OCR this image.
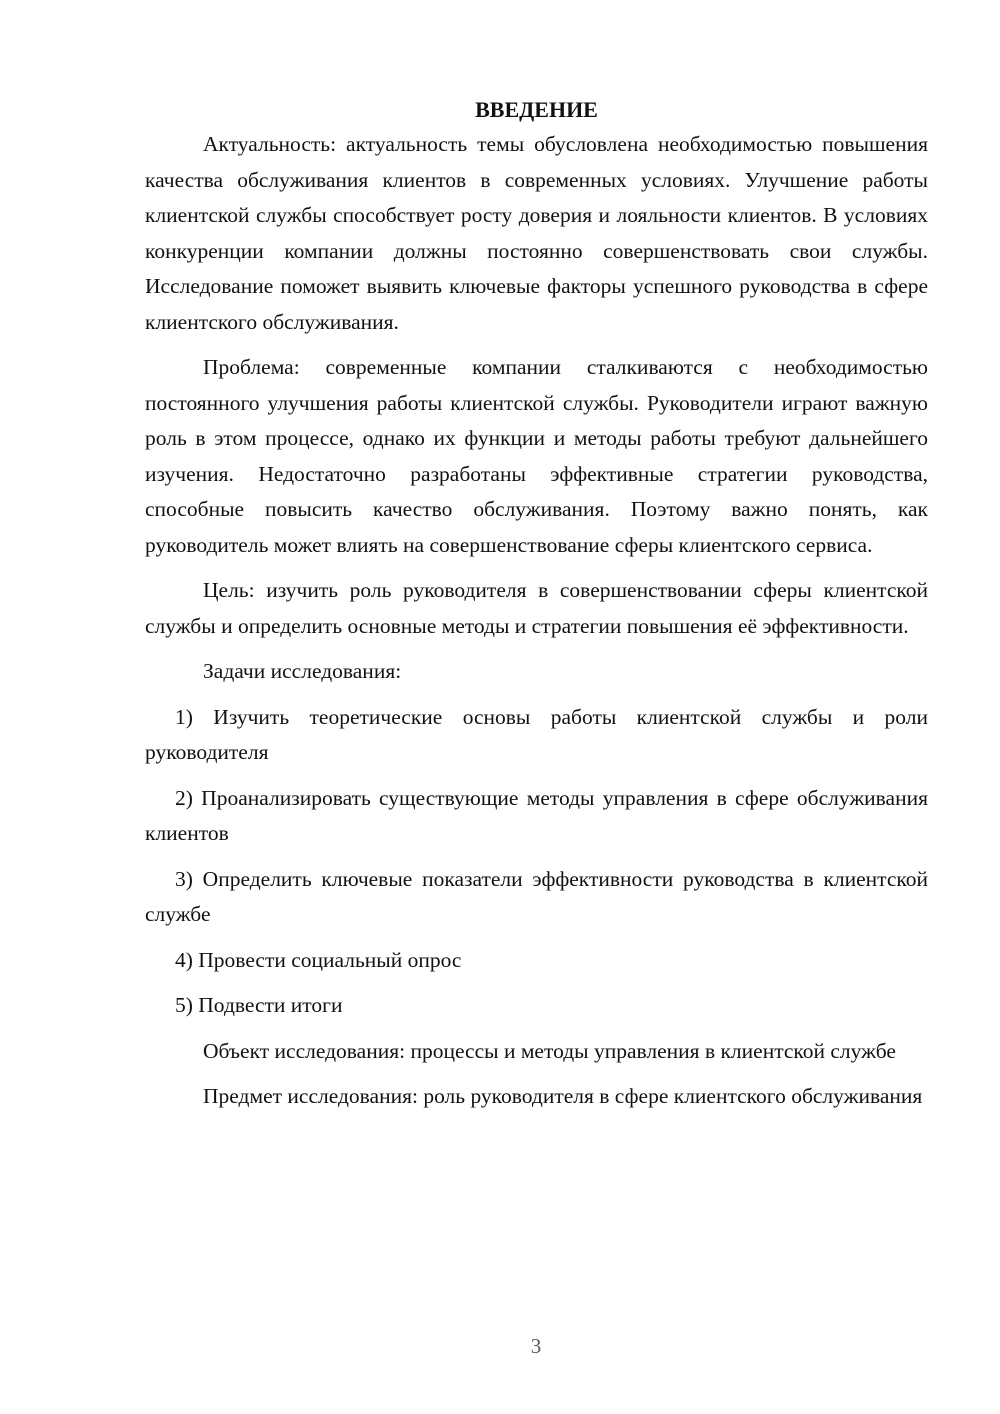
ВВЕДЕНИЕ

Актуальность: актуальность темы обусловлена необходимостью повышения качества обслуживания клиентов в современных условиях. Улучшение работы клиентской службы способствует росту доверия и лояльности клиентов. В условиях конкуренции компании должны постоянно совершенствовать свои службы. Исследование поможет выявить ключевые факторы успешного руководства в сфере клиентского обслуживания.

Проблема: современные компании сталкиваются с необходимостью постоянного улучшения работы клиентской службы. Руководители играют важную роль в этом процессе, однако их функции и методы работы требуют дальнейшего изучения. Недостаточно разработаны эффективные стратегии руководства, способные повысить качество обслуживания. Поэтому важно понять, как руководитель может влиять на совершенствование сферы клиентского сервиса.

Цель: изучить роль руководителя в совершенствовании сферы клиентской службы и определить основные методы и стратегии повышения её эффективности.

Задачи исследования:

1) Изучить теоретические основы работы клиентской службы и роли руководителя

2) Проанализировать существующие методы управления в сфере обслуживания клиентов

3) Определить ключевые показатели эффективности руководства в клиентской службе

4) Провести социальный опрос

5) Подвести итоги

Объект исследования: процессы и методы управления в клиентской службе

Предмет исследования: роль руководителя в сфере клиентского обслуживания

3
